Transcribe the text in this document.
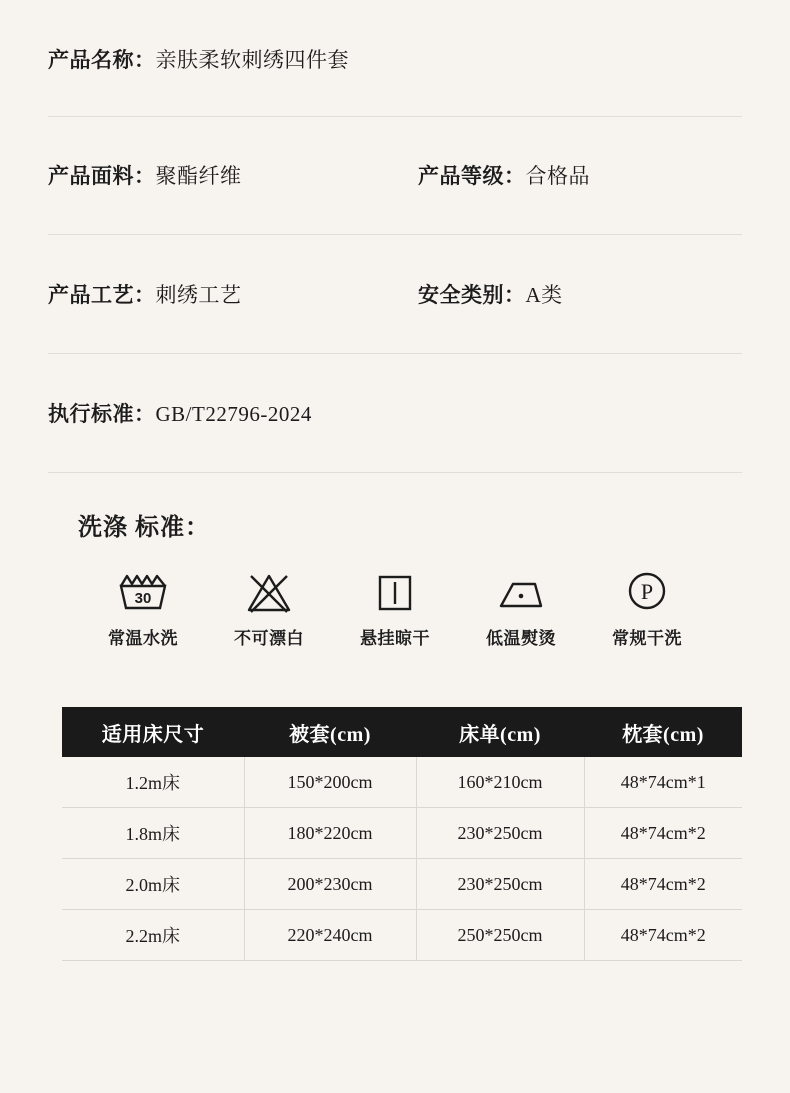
产品名称： 亲肤柔软刺绣四件套
产品面料： 聚酯纤维	产品等级： 合格品
产品工艺： 刺绣工艺	安全类别： A类
执行标准： GB/T22796-2024
洗涤 标准：
30
常温水洗	不可漂白	悬挂晾干	低温熨烫
P
常规干洗
适用床尺寸	被套(cm)	床单(cm)	枕套(cm)
1.2m床	150*200cm	160*210cm	48*74cm*1
1.8m床	180*220cm	230*250cm	48*74cm*2
2.0m床	200*230cm	230*250cm	48*74cm*2
2.2m床	220*240cm	250*250cm	48*74cm*2
